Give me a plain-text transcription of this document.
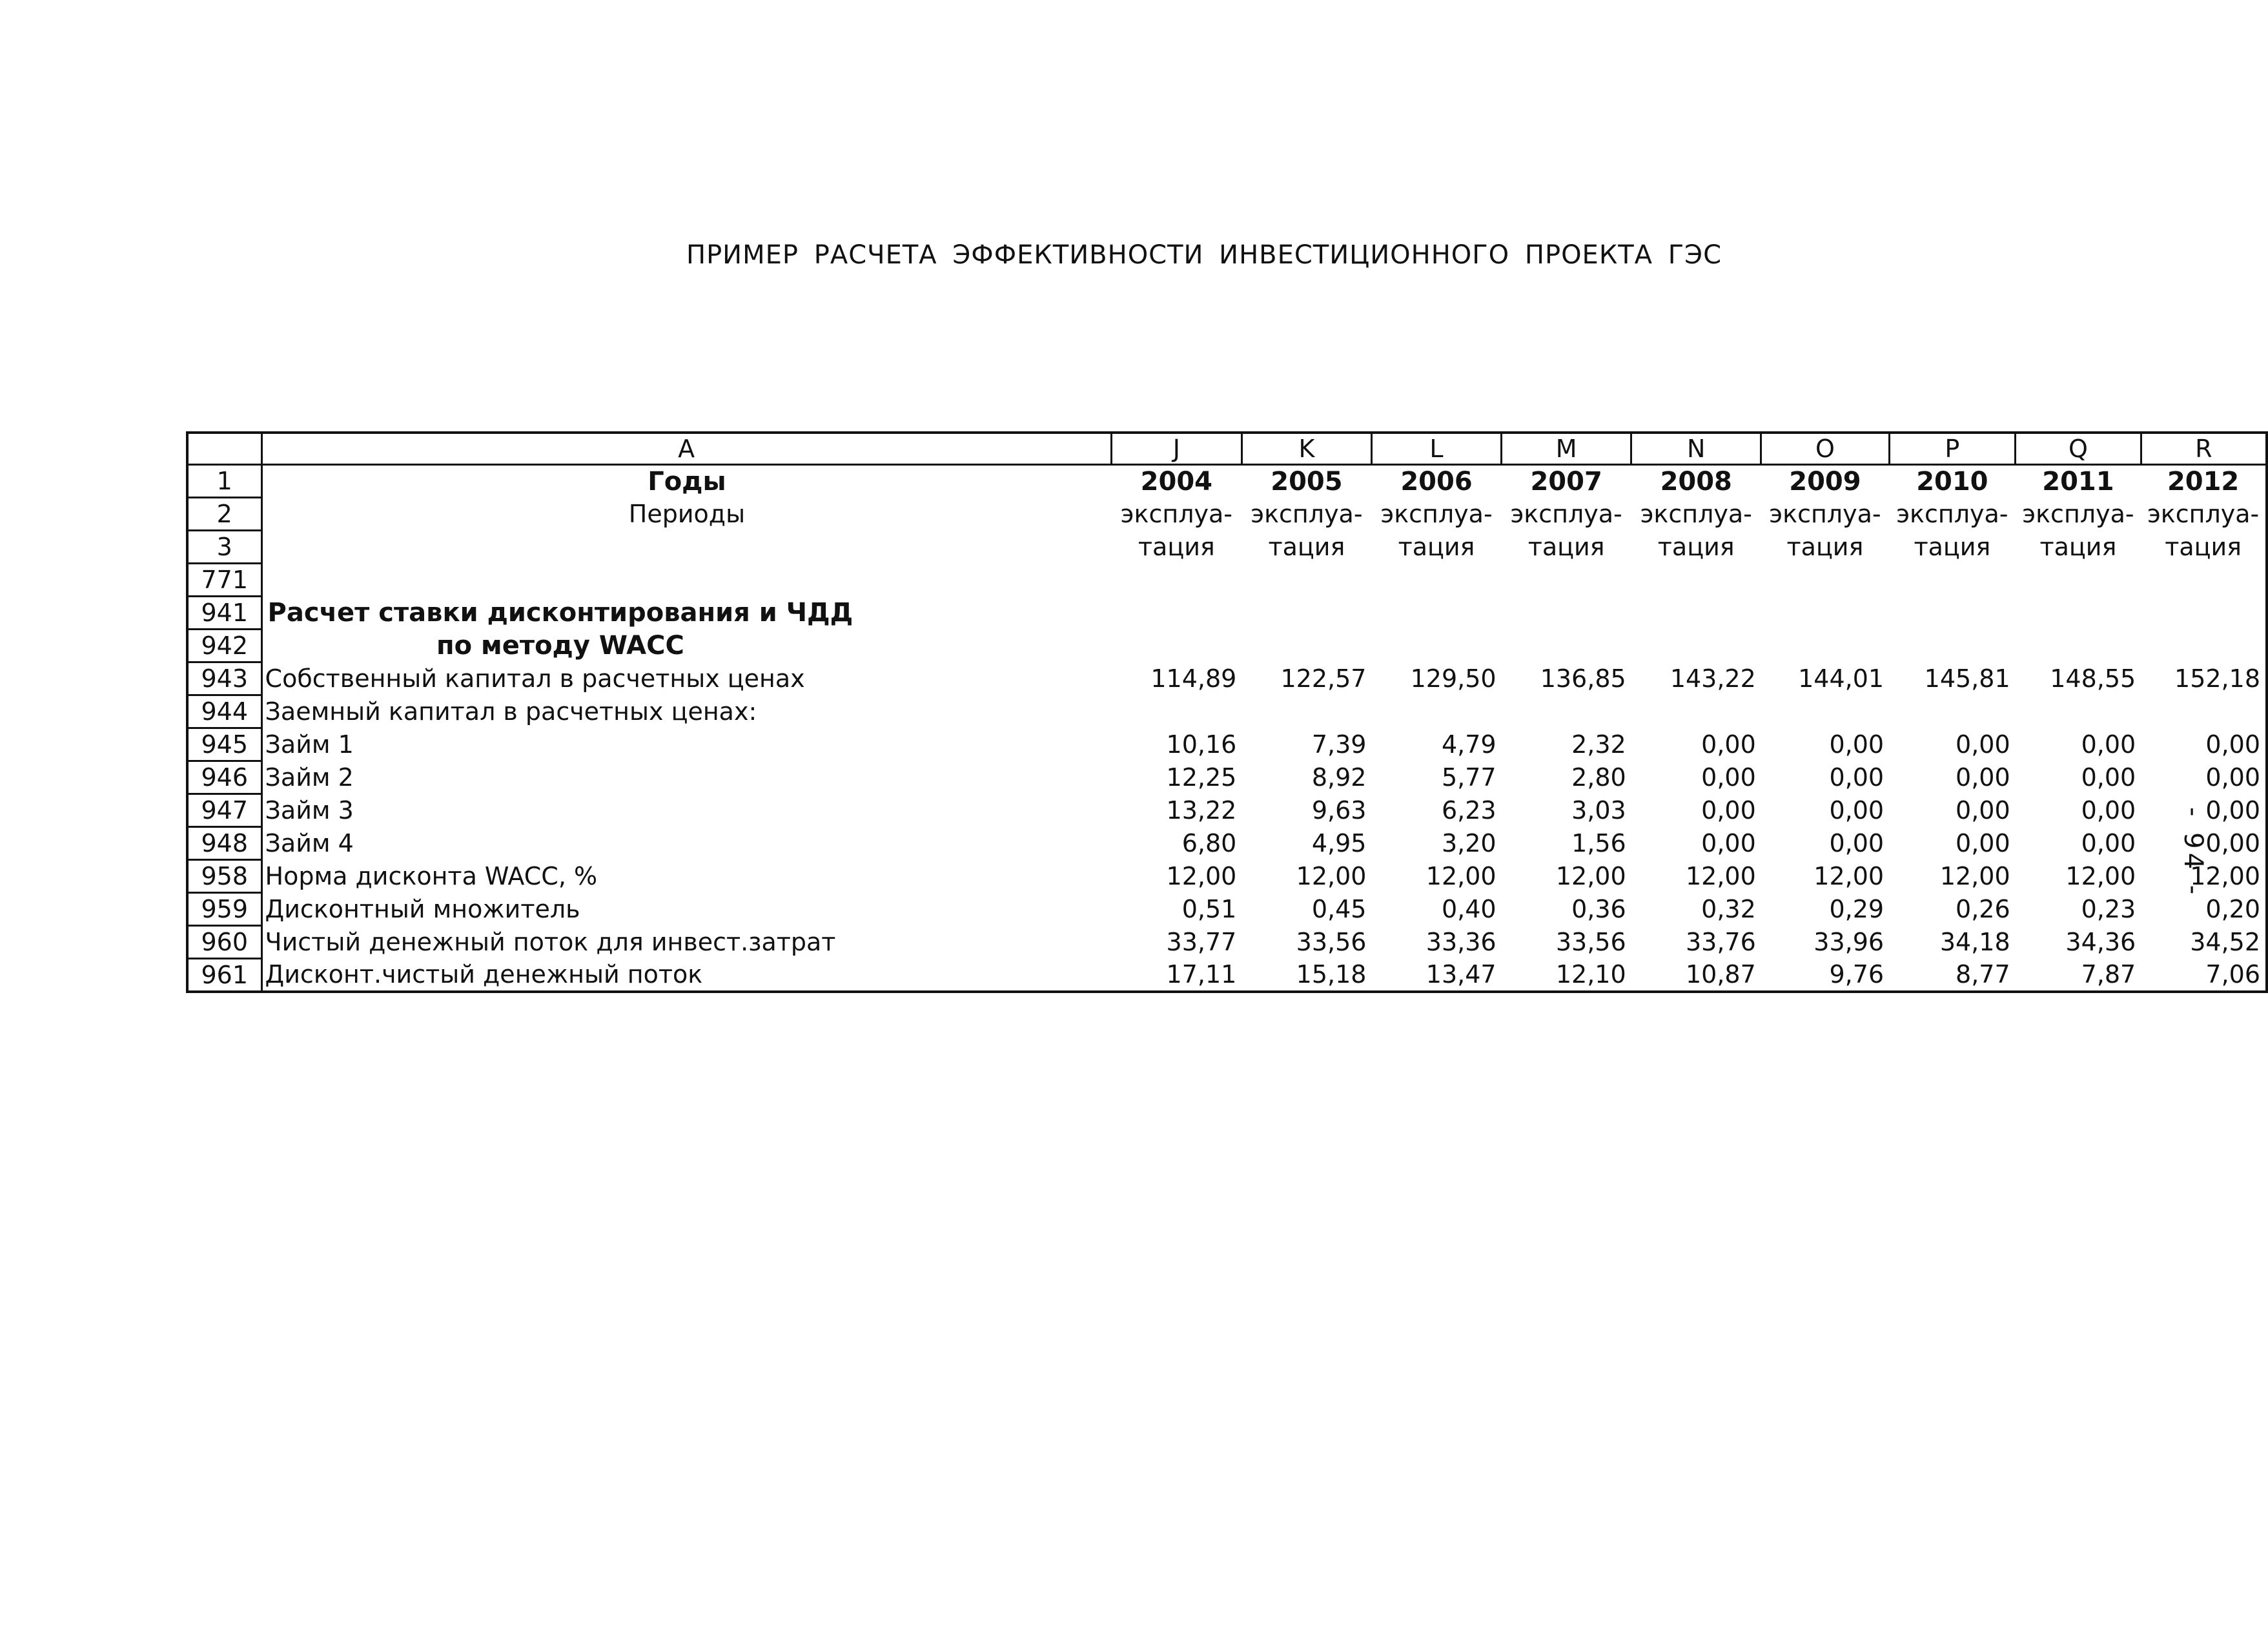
ПРИМЕР РАСЧЕТА ЭФФЕКТИВНОСТИ ИНВЕСТИЦИОННОГО ПРОЕКТА ГЭС
	A	J	K	L	M	N	O	P	Q	R
1	Годы	2004	2005	2006	2007	2008	2009	2010	2011	2012
2	Периоды	эксплуа-	эксплуа-	эксплуа-	эксплуа-	эксплуа-	эксплуа-	эксплуа-	эксплуа-	эксплуа-
3		тация	тация	тация	тация	тация	тация	тация	тация	тация
771										
941	Расчет ставки дисконтирования и ЧДД									
942	по методу WACC									
943	Собственный капитал в расчетных ценах	114,89	122,57	129,50	136,85	143,22	144,01	145,81	148,55	152,18
944	Заемный капитал в расчетных ценах:									
945	Займ 1	10,16	7,39	4,79	2,32	0,00	0,00	0,00	0,00	0,00
946	Займ 2	12,25	8,92	5,77	2,80	0,00	0,00	0,00	0,00	0,00
947	Займ 3	13,22	9,63	6,23	3,03	0,00	0,00	0,00	0,00	0,00
948	Займ 4	6,80	4,95	3,20	1,56	0,00	0,00	0,00	0,00	0,00
958	Норма дисконта WACC, %	12,00	12,00	12,00	12,00	12,00	12,00	12,00	12,00	12,00
959	Дисконтный множитель	0,51	0,45	0,40	0,36	0,32	0,29	0,26	0,23	0,20
960	Чистый денежный поток для инвест.затрат	33,77	33,56	33,36	33,56	33,76	33,96	34,18	34,36	34,52
961	Дисконт.чистый денежный поток	17,11	15,18	13,47	12,10	10,87	9,76	8,77	7,87	7,06
- 94 -
